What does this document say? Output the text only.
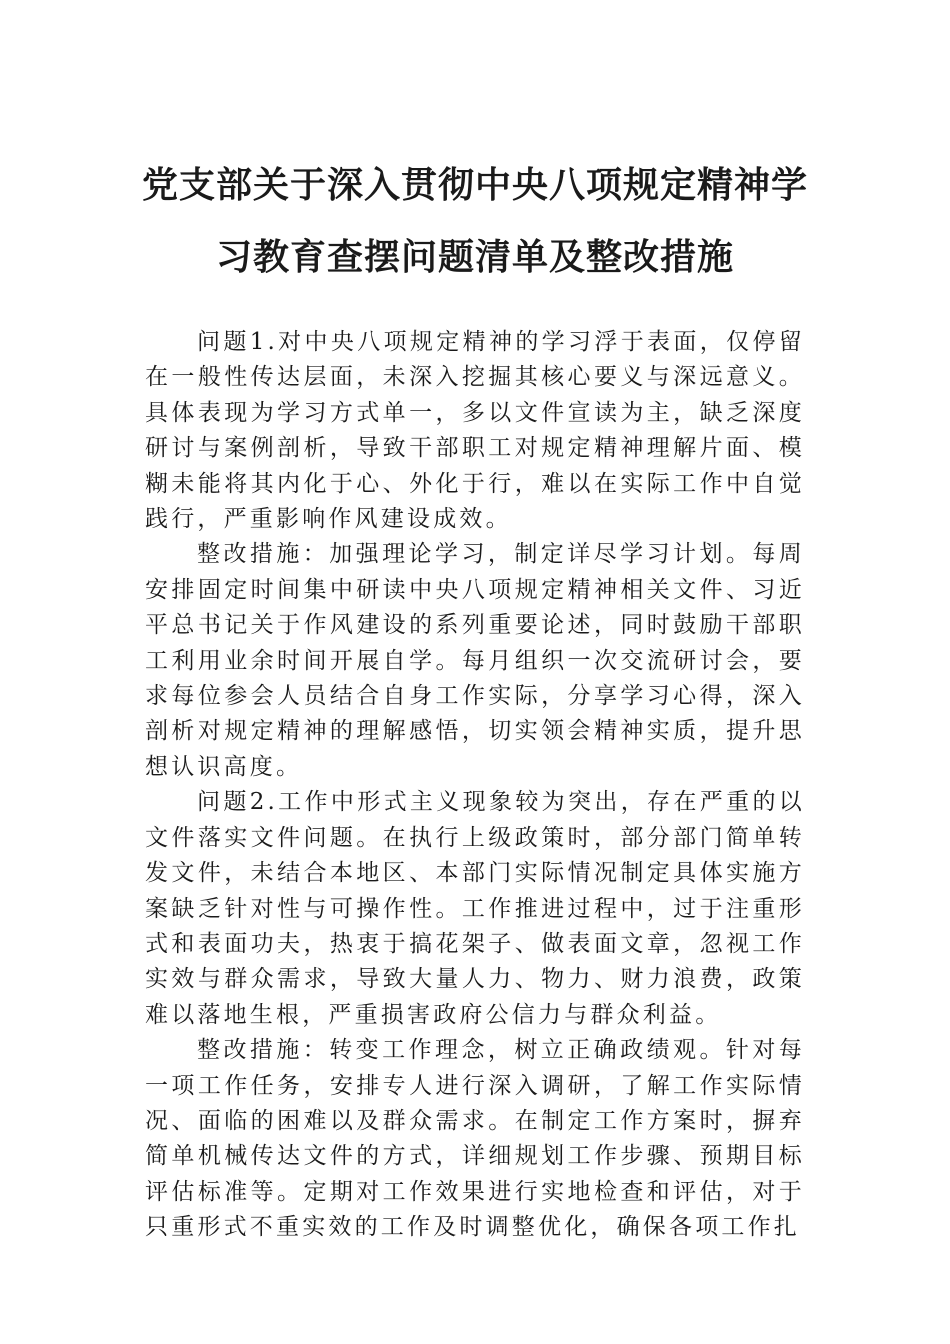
党支部关于深入贯彻中央八项规定精神学
习教育查摆问题清单及整改措施

问题1.对中央八项规定精神的学习浮于表面，仅停留在一般性传达层面，未深入挖掘其核心要义与深远意义。具体表现为学习方式单一，多以文件宣读为主，缺乏深度研讨与案例剖析，导致干部职工对规定精神理解片面、模糊未能将其内化于心、外化于行，难以在实际工作中自觉践行，严重影响作风建设成效。

整改措施：加强理论学习，制定详尽学习计划。每周安排固定时间集中研读中央八项规定精神相关文件、习近平总书记关于作风建设的系列重要论述，同时鼓励干部职工利用业余时间开展自学。每月组织一次交流研讨会，要求每位参会人员结合自身工作实际，分享学习心得，深入剖析对规定精神的理解感悟，切实领会精神实质，提升思想认识高度。

问题2.工作中形式主义现象较为突出，存在严重的以文件落实文件问题。在执行上级政策时，部分部门简单转发文件，未结合本地区、本部门实际情况制定具体实施方案缺乏针对性与可操作性。工作推进过程中，过于注重形式和表面功夫，热衷于搞花架子、做表面文章，忽视工作实效与群众需求，导致大量人力、物力、财力浪费，政策难以落地生根，严重损害政府公信力与群众利益。

整改措施：转变工作理念，树立正确政绩观。针对每一项工作任务，安排专人进行深入调研，了解工作实际情况、面临的困难以及群众需求。在制定工作方案时，摒弃简单机械传达文件的方式，详细规划工作步骤、预期目标评估标准等。定期对工作效果进行实地检查和评估，对于只重形式不重实效的工作及时调整优化，确保各项工作扎
